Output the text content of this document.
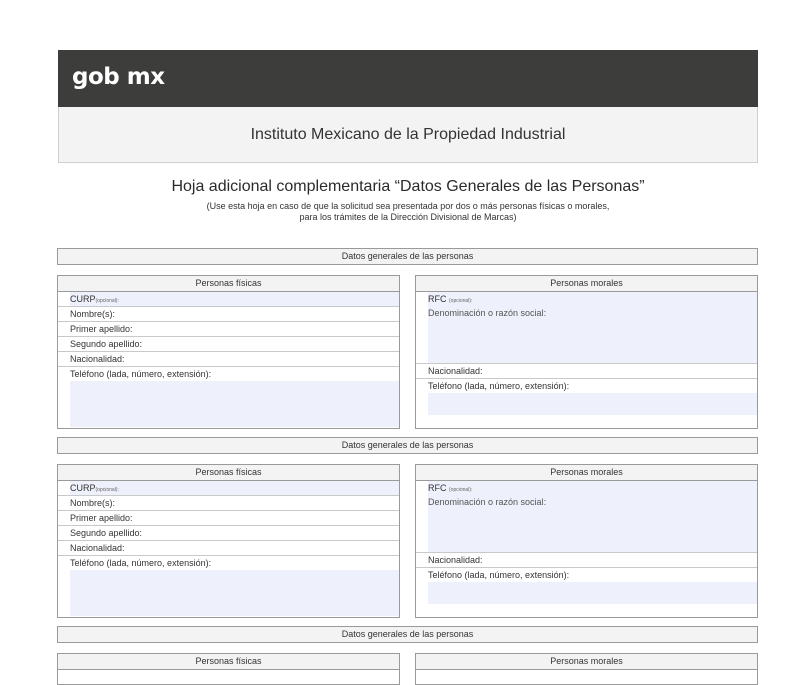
gob mx
Instituto Mexicano de la Propiedad Industrial
Hoja adicional complementaria “Datos Generales de las Personas”
(Use esta hoja en caso de que la solicitud sea presentada por dos o más personas físicas o morales,
para los trámites de la Dirección Divisional de Marcas)
Datos generales de las personas
Personas físicas
CURP(opcional):
Nombre(s):
Primer apellido:
Segundo apellido:
Nacionalidad:
Teléfono (lada, número, extensión):
Personas morales
RFC (opcional):
Denominación o razón social:
Nacionalidad:
Teléfono (lada, número, extensión):
Datos generales de las personas
Personas físicas
CURP(opcional):
Nombre(s):
Primer apellido:
Segundo apellido:
Nacionalidad:
Teléfono (lada, número, extensión):
Personas morales
RFC (opcional):
Denominación o razón social:
Nacionalidad:
Teléfono (lada, número, extensión):
Datos generales de las personas
Personas físicas	Personas morales
